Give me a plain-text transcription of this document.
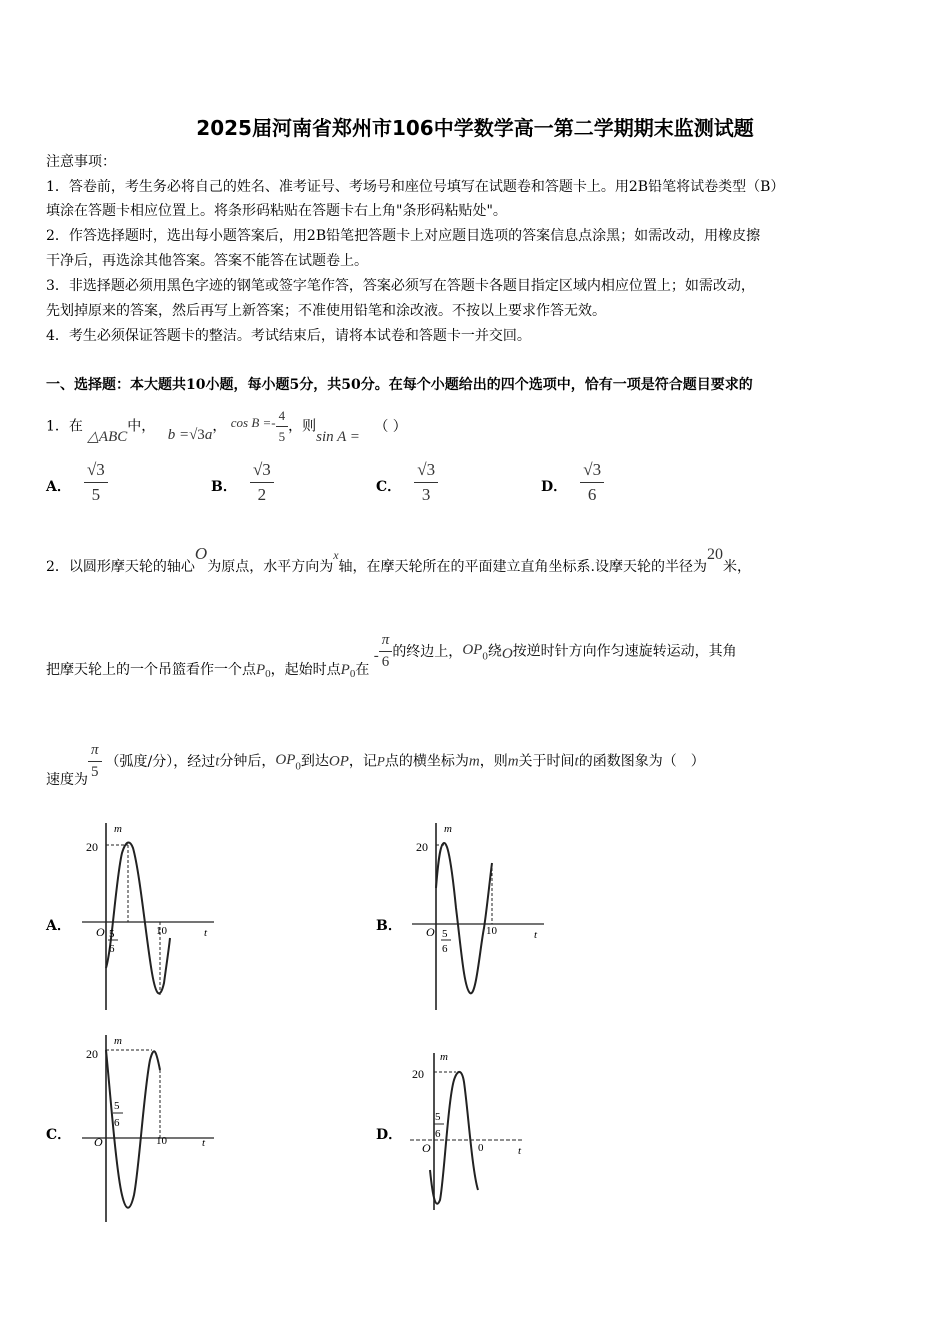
2025届河南省郑州市106中学数学高一第二学期期末监测试题
注意事项：
1．答卷前，考生务必将自己的姓名、准考证号、考场号和座位号填写在试题卷和答题卡上。用2B铅笔将试卷类型（B）
填涂在答题卡相应位置上。将条形码粘贴在答题卡右上角"条形码粘贴处"。
2．作答选择题时，选出每小题答案后，用2B铅笔把答题卡上对应题目选项的答案信息点涂黑；如需改动，用橡皮擦
干净后，再选涂其他答案。答案不能答在试题卷上。
3．非选择题必须用黑色字迹的钢笔或签字笔作答，答案必须写在答题卡各题目指定区域内相应位置上；如需改动，
先划掉原来的答案，然后再写上新答案；不准使用铅笔和涂改液。不按以上要求作答无效。
4．考生必须保证答题卡的整洁。考试结束后，请将本试卷和答题卡一并交回。
一、选择题：本大题共10小题，每小题5分，共50分。在每个小题给出的四个选项中，恰有一项是符合题目要求的
1．在 △ABC中， b =√3a， $\cos B =- \frac{4}{5}$ ，则sin A = （ ）
A． $\frac{√3}{5}$	B． $\frac{√3}{2}$	C． $\frac{√3}{3}$	D． $\frac{√3}{6}$
2．以圆形摩天轮的轴心O为原点，水平方向为x轴，在摩天轮所在的平面建立直角坐标系.设摩天轮的半径为20米，
把摩天轮上的一个吊篮看作一个点$P_0$，起始时点$P_0$在 - $\frac{\pi}{6}$ 的终边上，$OP_0$绕O按逆时针方向作匀速旋转运动，其角
速度为 $\frac{\pi}{5}$ （弧度/分），经过t分钟后，$OP_0$到达OP，记P点的横坐标为m，则m关于时间t的函数图象为（　）
A．	B．
C．	D．
m
20
O 5
6
10	t
m
20
O 5
6
10	t
m
20
5
6
O	10	t
m
20
5
6
O	0	t
